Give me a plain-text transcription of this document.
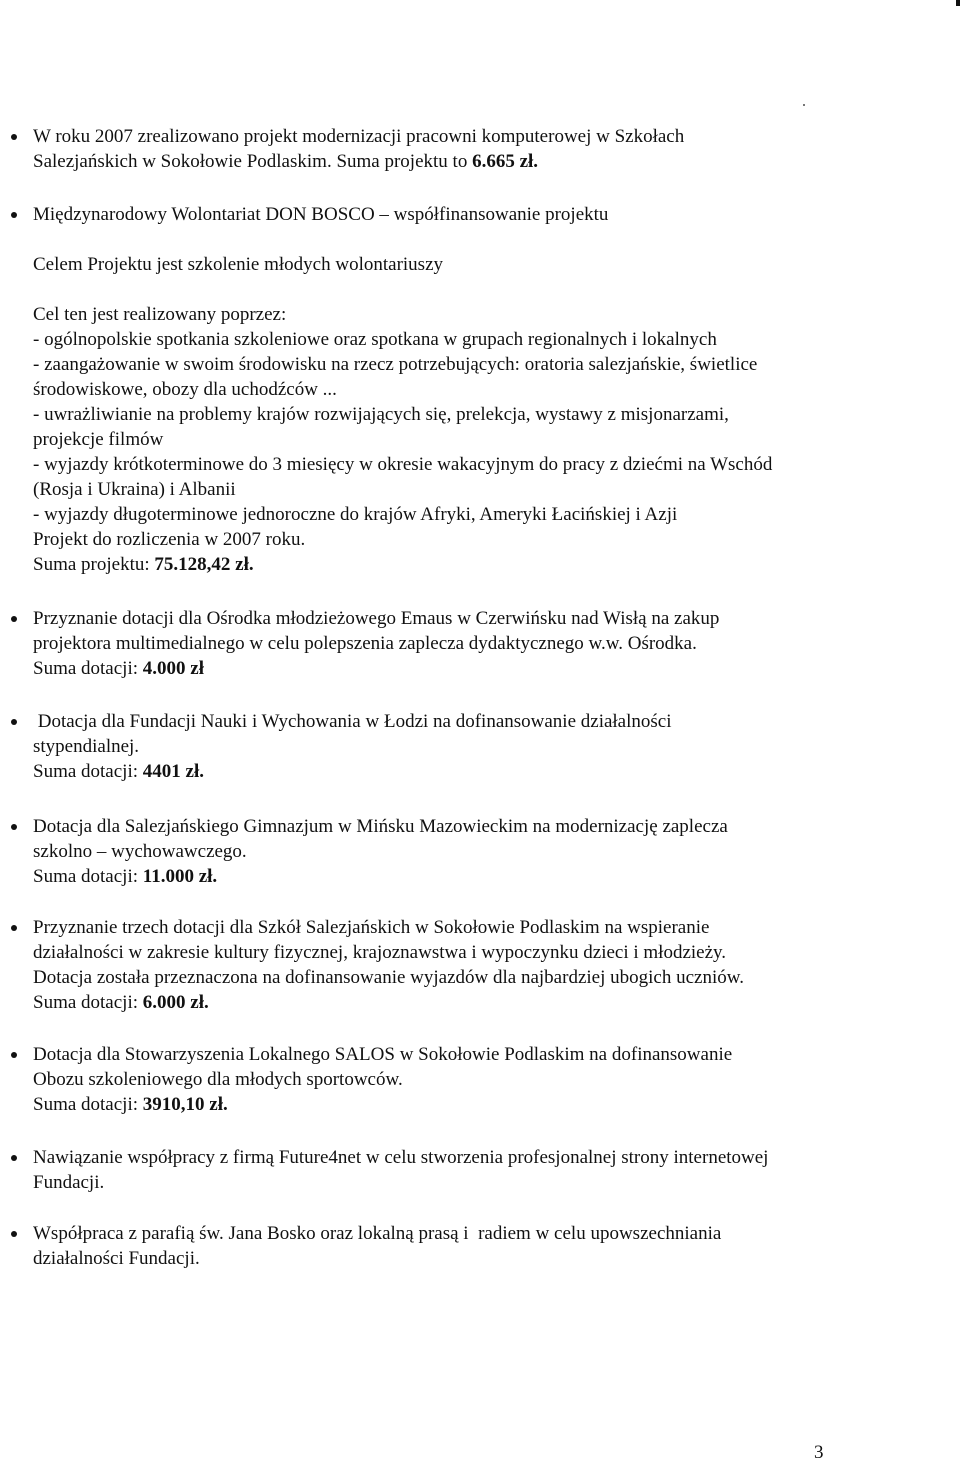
W roku 2007 zrealizowano projekt modernizacji pracowni komputerowej w Szkołach
Salezjańskich w Sokołowie Podlaskim. Suma projektu to 6.665 zł.
Międzynarodowy Wolontariat DON BOSCO – współfinansowanie projektu
Celem Projektu jest szkolenie młodych wolontariuszy
Cel ten jest realizowany poprzez:
- ogólnopolskie spotkania szkoleniowe oraz spotkana w grupach regionalnych i lokalnych
- zaangażowanie w swoim środowisku na rzecz potrzebujących: oratoria salezjańskie, świetlice
środowiskowe, obozy dla uchodźców ...
- uwrażliwianie na problemy krajów rozwijających się, prelekcja, wystawy z misjonarzami,
projekcje filmów
- wyjazdy krótkoterminowe do 3 miesięcy w okresie wakacyjnym do pracy z dziećmi na Wschód
(Rosja i Ukraina) i Albanii
- wyjazdy długoterminowe jednoroczne do krajów Afryki, Ameryki Łacińskiej i Azji
Projekt do rozliczenia w 2007 roku.
Suma projektu: 75.128,42 zł.
Przyznanie dotacji dla Ośrodka młodzieżowego Emaus w Czerwińsku nad Wisłą na zakup
projektora multimedialnego w celu polepszenia zaplecza dydaktycznego w.w. Ośrodka.
Suma dotacji: 4.000 zł
Dotacja dla Fundacji Nauki i Wychowania w Łodzi na dofinansowanie działalności
stypendialnej.
Suma dotacji: 4401 zł.
Dotacja dla Salezjańskiego Gimnazjum w Mińsku Mazowieckim na modernizację zaplecza
szkolno – wychowawczego.
Suma dotacji: 11.000 zł.
Przyznanie trzech dotacji dla Szkół Salezjańskich w Sokołowie Podlaskim na wspieranie
działalności w zakresie kultury fizycznej, krajoznawstwa i wypoczynku dzieci i młodzieży.
Dotacja została przeznaczona na dofinansowanie wyjazdów dla najbardziej ubogich uczniów.
Suma dotacji: 6.000 zł.
Dotacja dla Stowarzyszenia Lokalnego SALOS w Sokołowie Podlaskim na dofinansowanie
Obozu szkoleniowego dla młodych sportowców.
Suma dotacji: 3910,10 zł.
Nawiązanie współpracy z firmą Future4net w celu stworzenia profesjonalnej strony internetowej
Fundacji.
Współpraca z parafią św. Jana Bosko oraz lokalną prasą i  radiem w celu upowszechniania
działalności Fundacji.
3
